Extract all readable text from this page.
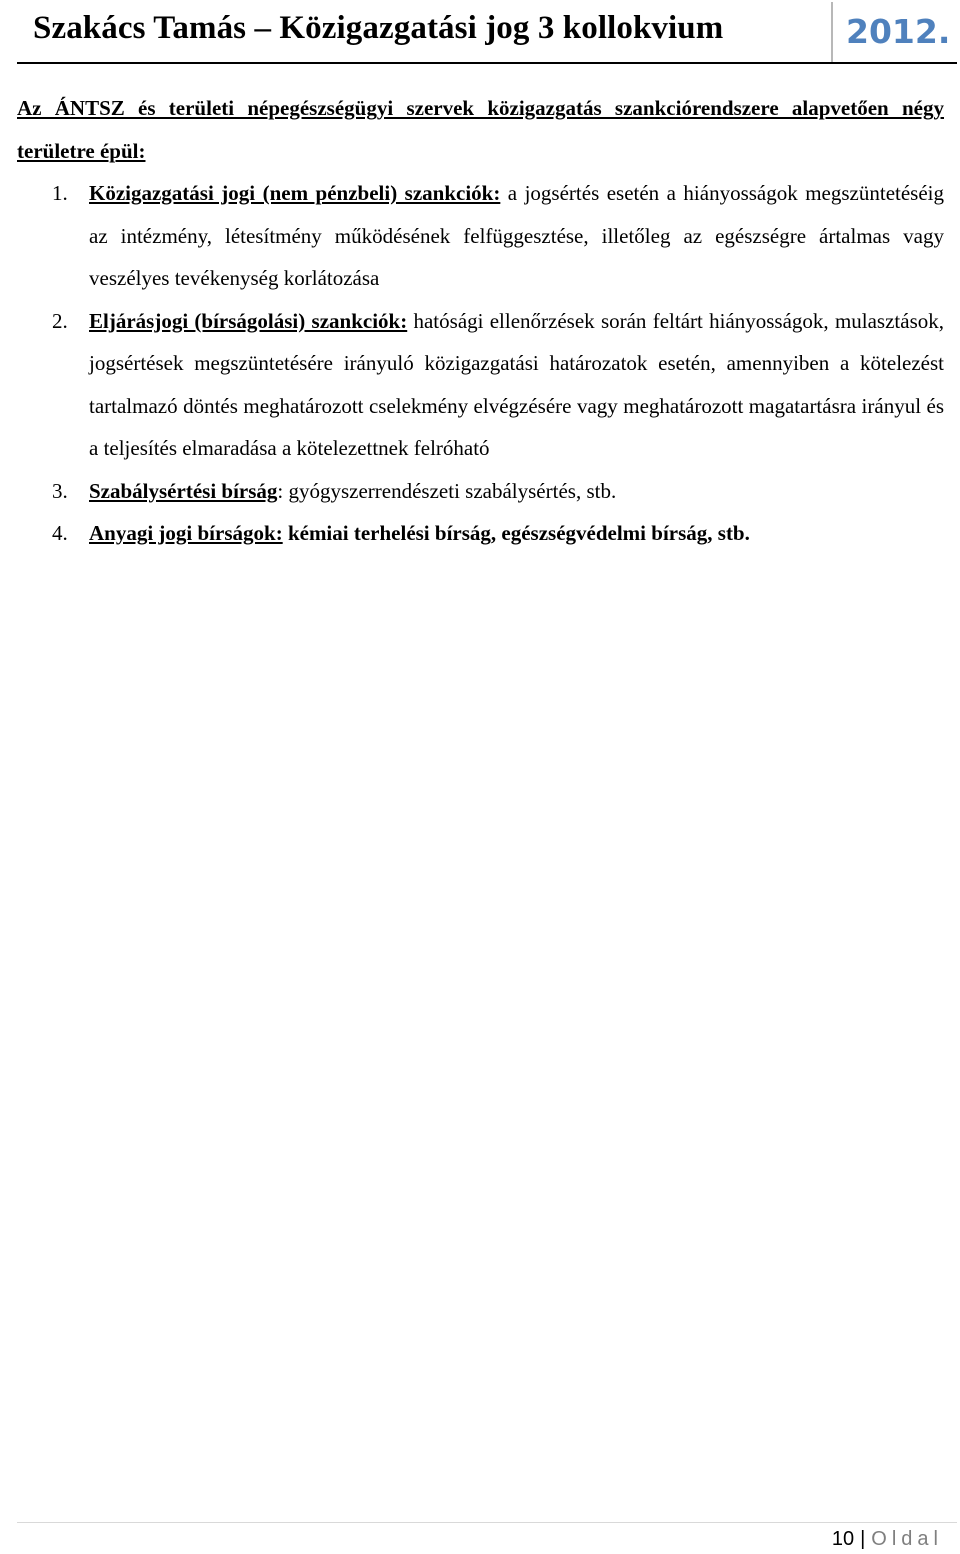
Szakács Tamás – Közigazgatási jog 3 kollokvium	2012.
Az ÁNTSZ és területi népegészségügyi szervek közigazgatás szankciórendszere alapvetően négy területre épül:
1. Közigazgatási jogi (nem pénzbeli) szankciók: a jogsértés esetén a hiányosságok megszüntetéséig az intézmény, létesítmény működésének felfüggesztése, illetőleg az egészségre ártalmas vagy veszélyes tevékenység korlátozása
2. Eljárásjogi (bírságolási) szankciók: hatósági ellenőrzések során feltárt hiányosságok, mulasztások, jogsértések megszüntetésére irányuló közigazgatási határozatok esetén, amennyiben a kötelezést tartalmazó döntés meghatározott cselekmény elvégzésére vagy meghatározott magatartásra irányul és a teljesítés elmaradása a kötelezettnek felróható
3. Szabálysértési bírság: gyógyszerrendészeti szabálysértés, stb.
4. Anyagi jogi bírságok: kémiai terhelési bírság, egészségvédelmi bírság, stb.
10 | Oldal
